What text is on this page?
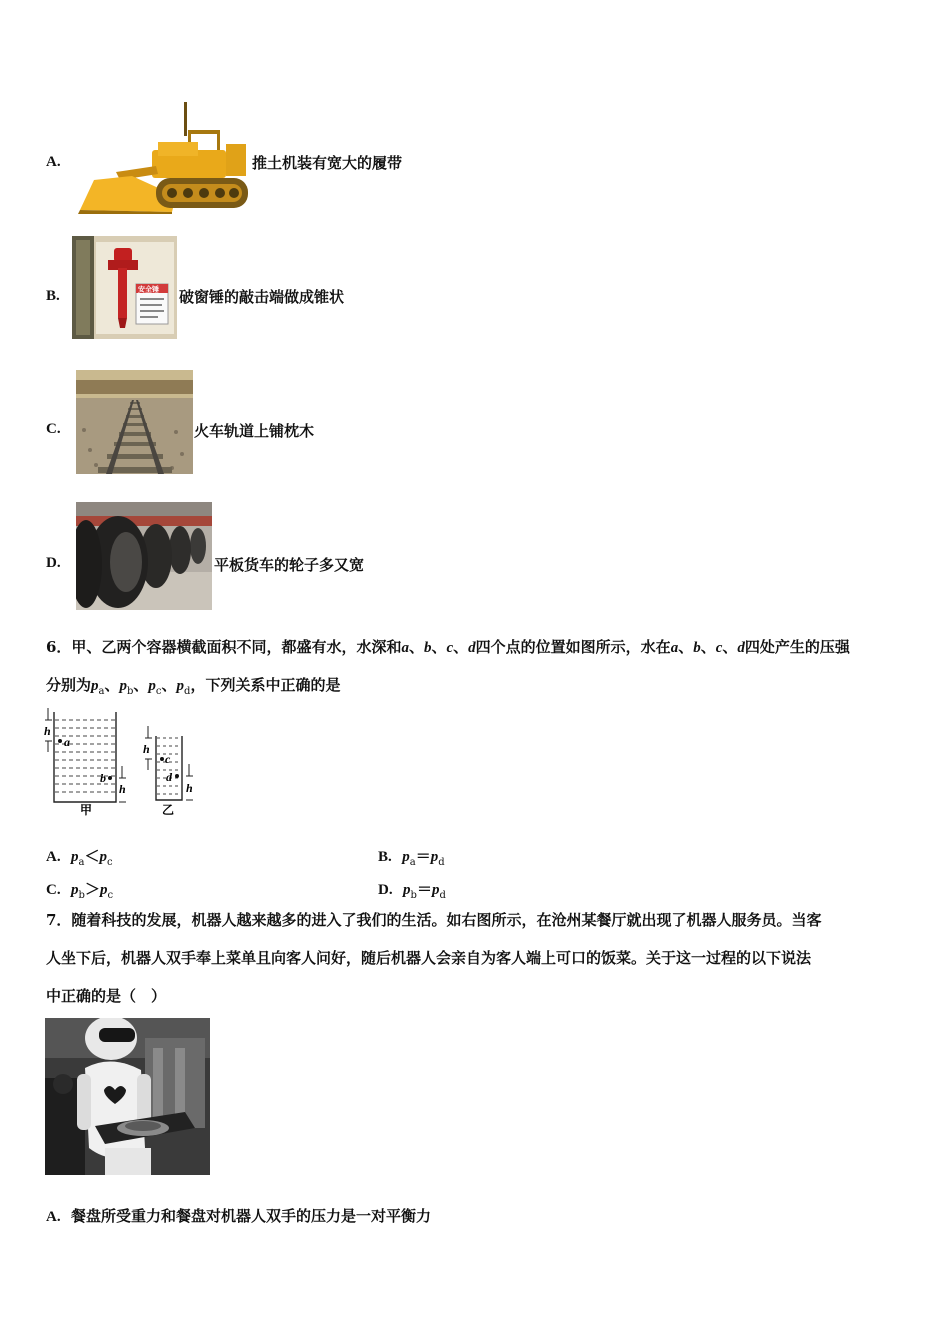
A.	推土机装有宽大的履带
B.	安全锤 破窗锤的敲击端做成锥状
C.	火车轨道上铺枕木
D.	平板货车的轮子多又宽
6．甲、乙两个容器横截面积不同，都盛有水，水深和a、b、c、d四个点的位置如图所示，水在a、b、c、d四处产生的压强
分别为$p_a$、$p_b$、$p_c$、$p_d$，下列关系中正确的是
a
b
h
h
甲
c
d
h
h
乙
A. $p_a<p_c$	B. $p_a=p_d$
C. $p_b>p_c$	D. $p_b=p_d$
7．随着科技的发展，机器人越来越多的进入了我们的生活。如右图所示，在沧州某餐厅就出现了机器人服务员。当客
人坐下后，机器人双手奉上菜单且向客人问好，随后机器人会亲自为客人端上可口的饭菜。关于这一过程的以下说法
中正确的是（　）
A. 餐盘所受重力和餐盘对机器人双手的压力是一对平衡力
